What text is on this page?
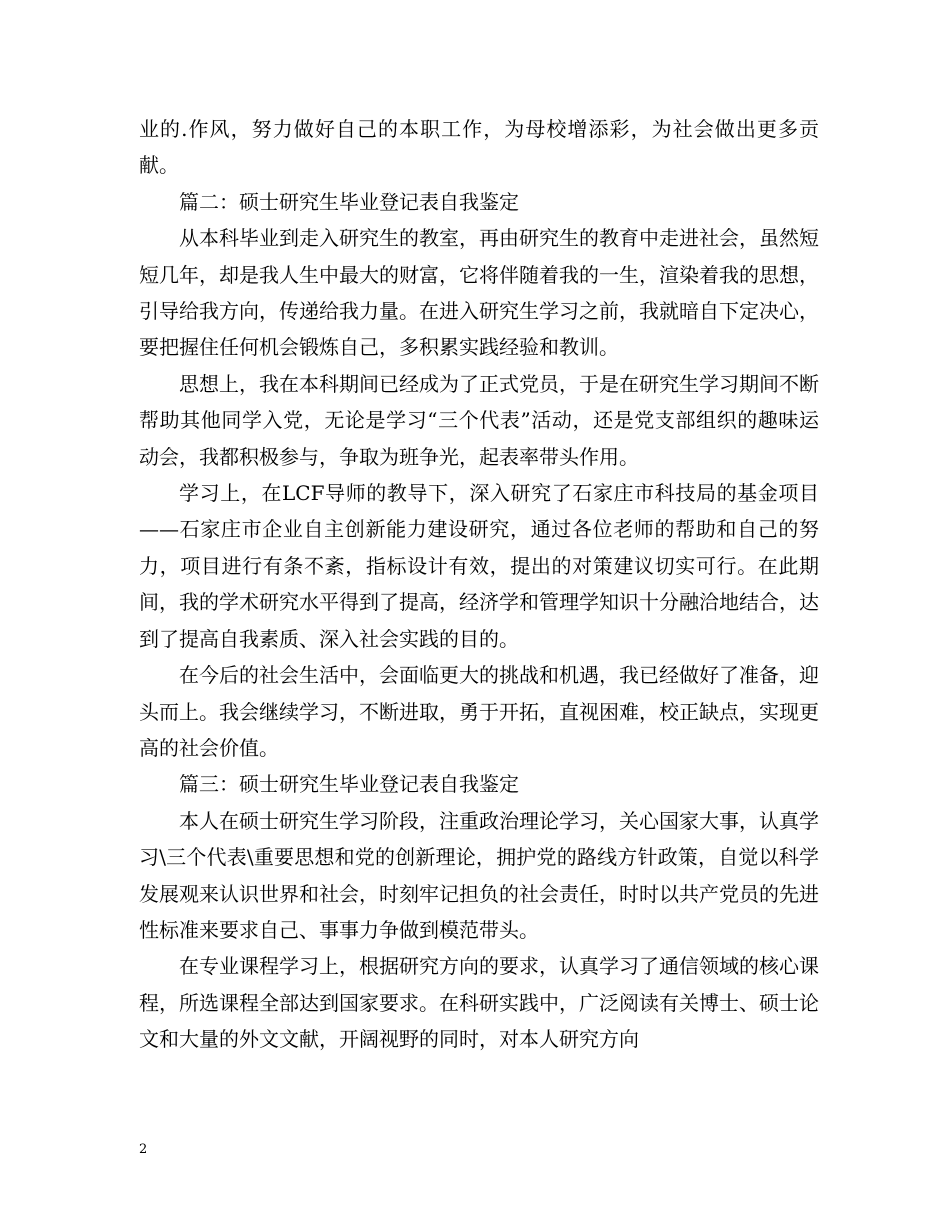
业的.作风，努力做好自己的本职工作，为母校增添彩，为社会做出更多贡献。

篇二：硕士研究生毕业登记表自我鉴定

从本科毕业到走入研究生的教室，再由研究生的教育中走进社会，虽然短短几年，却是我人生中最大的财富，它将伴随着我的一生，渲染着我的思想，引导给我方向，传递给我力量。在进入研究生学习之前，我就暗自下定决心，要把握住任何机会锻炼自己，多积累实践经验和教训。

思想上，我在本科期间已经成为了正式党员，于是在研究生学习期间不断帮助其他同学入党，无论是学习“三个代表”活动，还是党支部组织的趣味运动会，我都积极参与，争取为班争光，起表率带头作用。

学习上，在LCF导师的教导下，深入研究了石家庄市科技局的基金项目——石家庄市企业自主创新能力建设研究，通过各位老师的帮助和自己的努力，项目进行有条不紊，指标设计有效，提出的对策建议切实可行。在此期间，我的学术研究水平得到了提高，经济学和管理学知识十分融洽地结合，达到了提高自我素质、深入社会实践的目的。

在今后的社会生活中，会面临更大的挑战和机遇，我已经做好了准备，迎头而上。我会继续学习，不断进取，勇于开拓，直视困难，校正缺点，实现更高的社会价值。

篇三：硕士研究生毕业登记表自我鉴定

本人在硕士研究生学习阶段，注重政治理论学习，关心国家大事，认真学习\三个代表\重要思想和党的创新理论，拥护党的路线方针政策，自觉以科学发展观来认识世界和社会，时刻牢记担负的社会责任，时时以共产党员的先进性标准来要求自己、事事力争做到模范带头。

在专业课程学习上，根据研究方向的要求，认真学习了通信领域的核心课程，所选课程全部达到国家要求。在科研实践中，广泛阅读有关博士、硕士论文和大量的外文文献，开阔视野的同时，对本人研究方向

2
